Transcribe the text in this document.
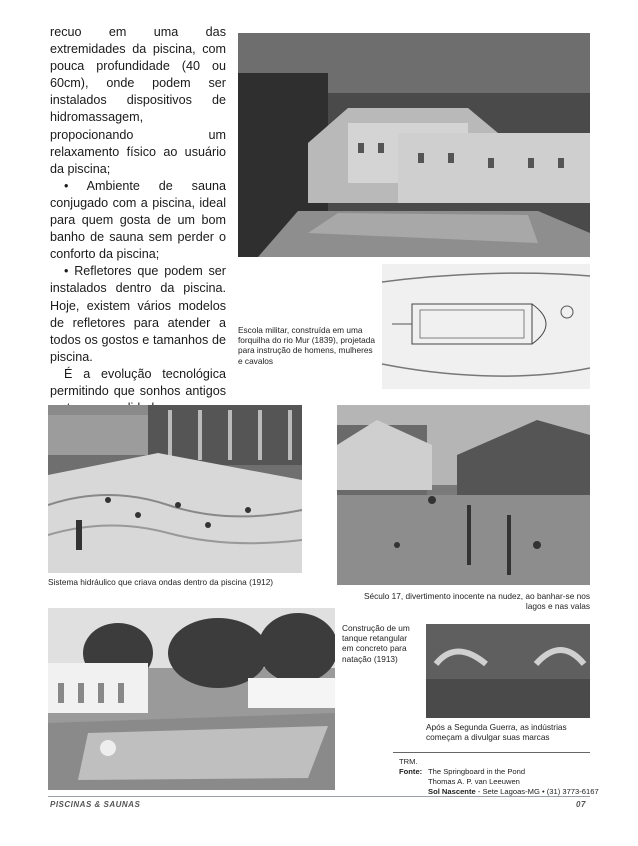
recuo em uma das extremidades da piscina, com pouca profundidade (40 ou 60cm), onde podem ser instalados dispositivos de hidromassagem, propocionando um relaxamento físico ao usuário da piscina;

• Ambiente de sauna conjugado com a piscina, ideal para quem gosta de um bom banho de sauna sem perder o conforto da piscina;

• Refletores que podem ser instalados dentro da piscina. Hoje, existem vários modelos de refletores para atender a todos os gostos e tamanhos de piscina.

É a evolução tecnológica permitindo que sonhos antigos

Escola militar, construída em uma forquilha do rio Mur (1839), projetada para instrução de homens, mulheres e cavalos
Sistema hidráulico que criava ondas dentro da piscina (1912)
Século 17, divertimento inocente na nudez, ao banhar-se nos lagos e nas valas
Construção de um tanque retangular em concreto para natação (1913)
Após a Segunda Guerra, as indústrias começam a divulgar suas marcas
TRM.
Fonte: The Springboard in the Pond
Thomas A. P. van Leeuwen
Sol Nascente - Sete Lagoas-MG • (31) 3773-6167
PISCINAS & SAUNAS	07
